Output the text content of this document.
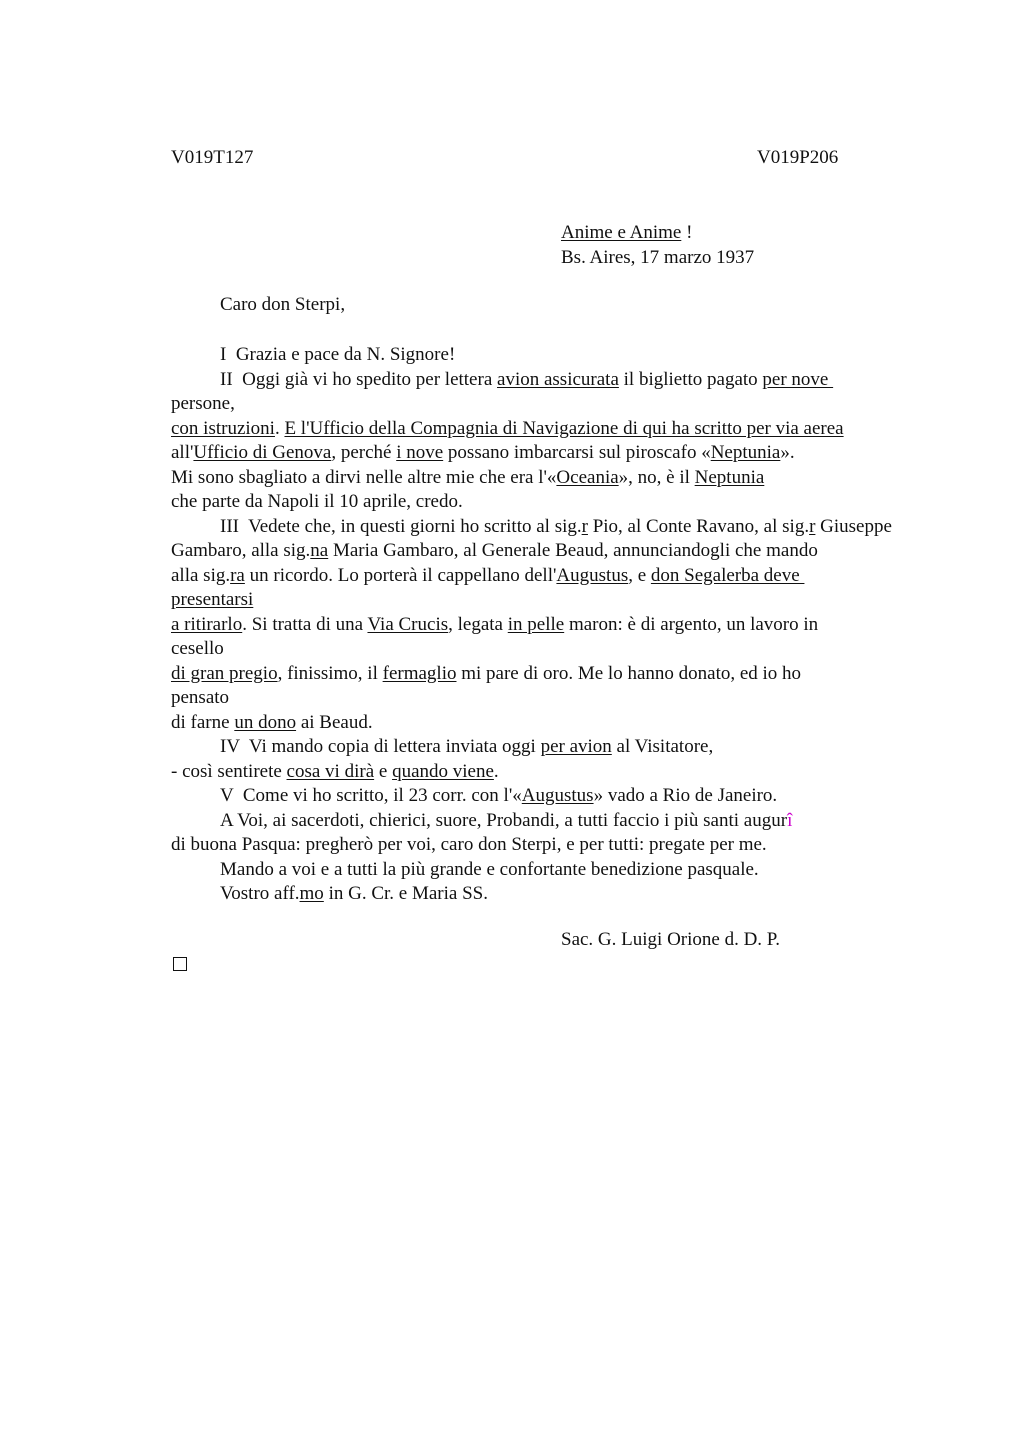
V019T127	V019P206
Anime e Anime !
Bs. Aires, 17 marzo 1937
Caro don Sterpi,
I  Grazia e pace da N. Signore!
II  Oggi già vi ho spedito per lettera avion assicurata il biglietto pagato per nove
persone,
con istruzioni. E l'Ufficio della Compagnia di Navigazione di qui ha scritto per via aerea
all'Ufficio di Genova, perché i nove possano imbarcarsi sul piroscafo «Neptunia».
Mi sono sbagliato a dirvi nelle altre mie che era l'«Oceania», no, è il Neptunia
che parte da Napoli il 10 aprile, credo.
III  Vedete che, in questi giorni ho scritto al sig.r Pio, al Conte Ravano, al sig.r Giuseppe
Gambaro, alla sig.na Maria Gambaro, al Generale Beaud, annunciandogli che mando
alla sig.ra un ricordo. Lo porterà il cappellano dell'Augustus, e don Segalerba deve
presentarsi
a ritirarlo. Si tratta di una Via Crucis, legata in pelle maron: è di argento, un lavoro in
cesello
di gran pregio, finissimo, il fermaglio mi pare di oro. Me lo hanno donato, ed io ho
pensato
di farne un dono ai Beaud.
IV  Vi mando copia di lettera inviata oggi per avion al Visitatore,
- così sentirete cosa vi dirà e quando viene.
V  Come vi ho scritto, il 23 corr. con l'«Augustus» vado a Rio de Janeiro.
A Voi, ai sacerdoti, chierici, suore, Probandi, a tutti faccio i più santi augurî
di buona Pasqua: pregherò per voi, caro don Sterpi, e per tutti: pregate per me.
Mando a voi e a tutti la più grande e confortante benedizione pasquale.
Vostro aff.mo in G. Cr. e Maria SS.
Sac. G. Luigi Orione d. D. P.
